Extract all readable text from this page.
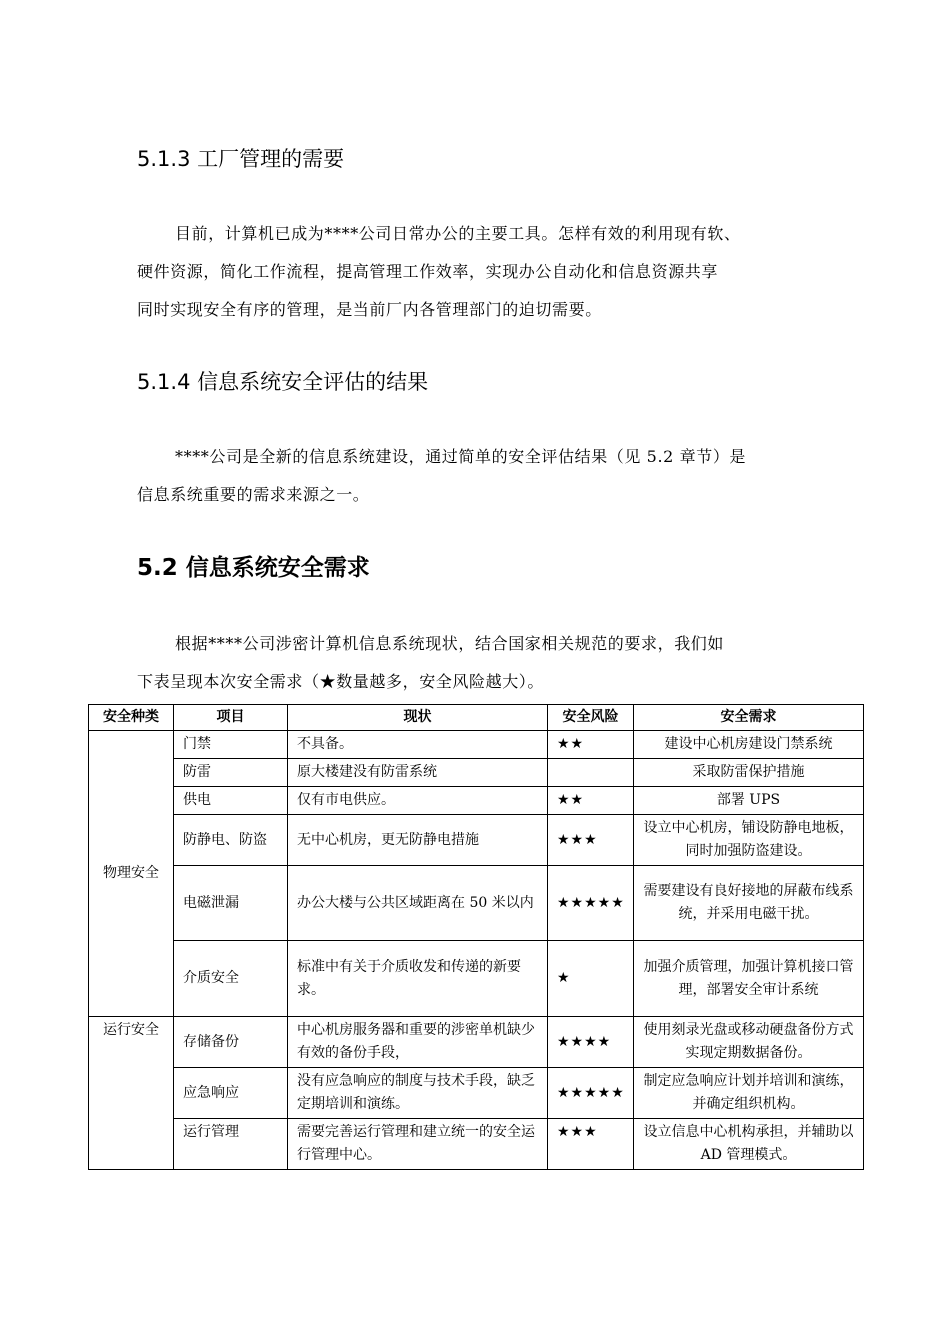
5.1.3 工厂管理的需要
目前，计算机已成为****公司日常办公的主要工具。怎样有效的利用现有软、
硬件资源，简化工作流程，提高管理工作效率，实现办公自动化和信息资源共享
同时实现安全有序的管理，是当前厂内各管理部门的迫切需要。
5.1.4 信息系统安全评估的结果
****公司是全新的信息系统建设，通过简单的安全评估结果（见 5.2 章节）是
信息系统重要的需求来源之一。
5.2 信息系统安全需求
根据****公司涉密计算机信息系统现状，结合国家相关规范的要求，我们如
下表呈现本次安全需求（★数量越多，安全风险越大）。
安全种类	项目	现状	安全风险	安全需求
物理安全	门禁	不具备。	★★	建设中心机房建设门禁系统
	防雷	原大楼建没有防雷系统		采取防雷保护措施
	供电	仅有市电供应。	★★	部署 UPS
	防静电、防盗	无中心机房，更无防静电措施	★★★	设立中心机房，铺设防静电地板，同时加强防盗建设。
	电磁泄漏	办公大楼与公共区域距离在 50 米以内	★★★★★	需要建设有良好接地的屏蔽布线系统，并采用电磁干扰。
	介质安全	标准中有关于介质收发和传递的新要求。	★	加强介质管理，加强计算机接口管理，部署安全审计系统
运行安全	存储备份	中心机房服务器和重要的涉密单机缺少有效的备份手段，	★★★★	使用刻录光盘或移动硬盘备份方式实现定期数据备份。
	应急响应	没有应急响应的制度与技术手段，缺乏定期培训和演练。	★★★★★	制定应急响应计划并培训和演练，并确定组织机构。
	运行管理	需要完善运行管理和建立统一的安全运行管理中心。	★★★	设立信息中心机构承担，并辅助以 AD 管理模式。
